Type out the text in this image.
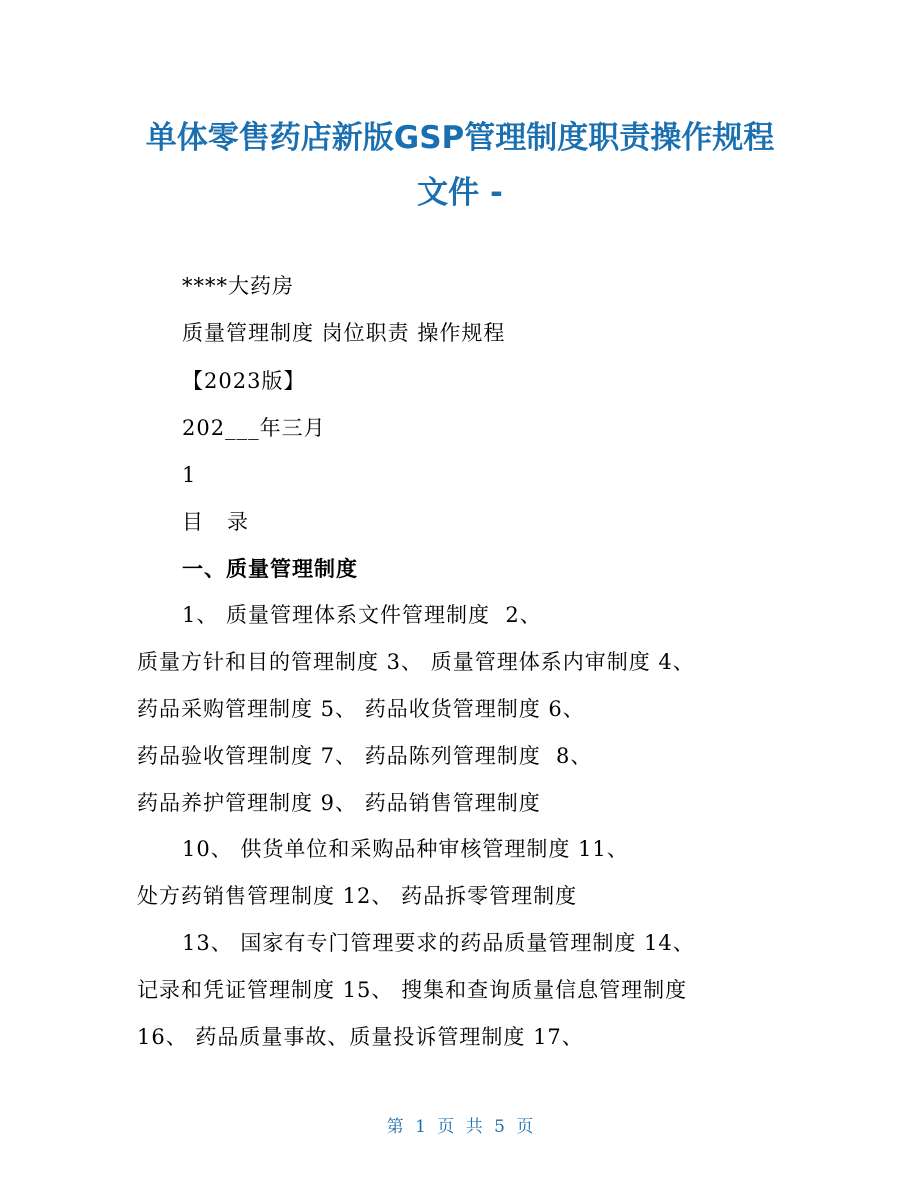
单体零售药店新版GSP管理制度职责操作规程
文件 -
****大药房
质量管理制度 岗位职责 操作规程
【2023版】
202___年三月
1
目   录
一、质量管理制度
1、 质量管理体系文件管理制度  2、
质量方针和目的管理制度 3、 质量管理体系内审制度 4、
药品采购管理制度 5、 药品收货管理制度 6、
药品验收管理制度 7、 药品陈列管理制度  8、
药品养护管理制度 9、 药品销售管理制度
10、 供货单位和采购品种审核管理制度 11、
处方药销售管理制度 12、 药品拆零管理制度
13、 国家有专门管理要求的药品质量管理制度 14、
记录和凭证管理制度 15、 搜集和查询质量信息管理制度
16、 药品质量事故、质量投诉管理制度 17、
第 1 页 共 5 页
